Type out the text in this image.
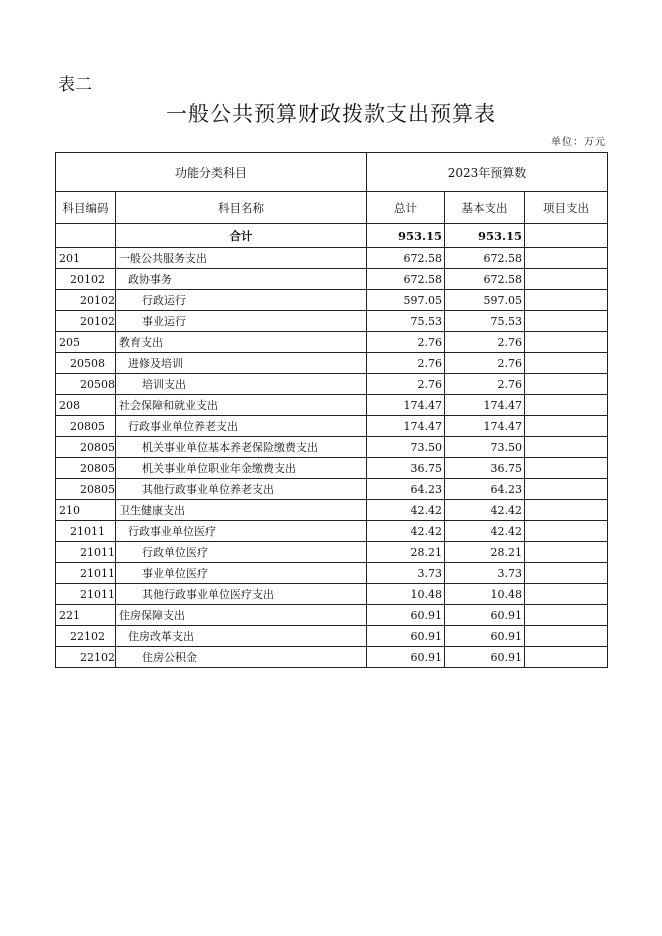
表二
一般公共预算财政拨款支出预算表
单位：万元
功能分类科目		2023年预算数		
科目编码	科目名称	总计	基本支出	项目支出
	合计	953.15	953.15	
201	一般公共服务支出	672.58	672.58	
20102	政协事务	672.58	672.58	
20102	行政运行	597.05	597.05	
20102	事业运行	75.53	75.53	
205	教育支出	2.76	2.76	
20508	进修及培训	2.76	2.76	
20508	培训支出	2.76	2.76	
208	社会保障和就业支出	174.47	174.47	
20805	行政事业单位养老支出	174.47	174.47	
20805	机关事业单位基本养老保险缴费支出	73.50	73.50	
20805	机关事业单位职业年金缴费支出	36.75	36.75	
20805	其他行政事业单位养老支出	64.23	64.23	
210	卫生健康支出	42.42	42.42	
21011	行政事业单位医疗	42.42	42.42	
21011	行政单位医疗	28.21	28.21	
21011	事业单位医疗	3.73	3.73	
21011	其他行政事业单位医疗支出	10.48	10.48	
221	住房保障支出	60.91	60.91	
22102	住房改革支出	60.91	60.91	
22102	住房公积金	60.91	60.91	
